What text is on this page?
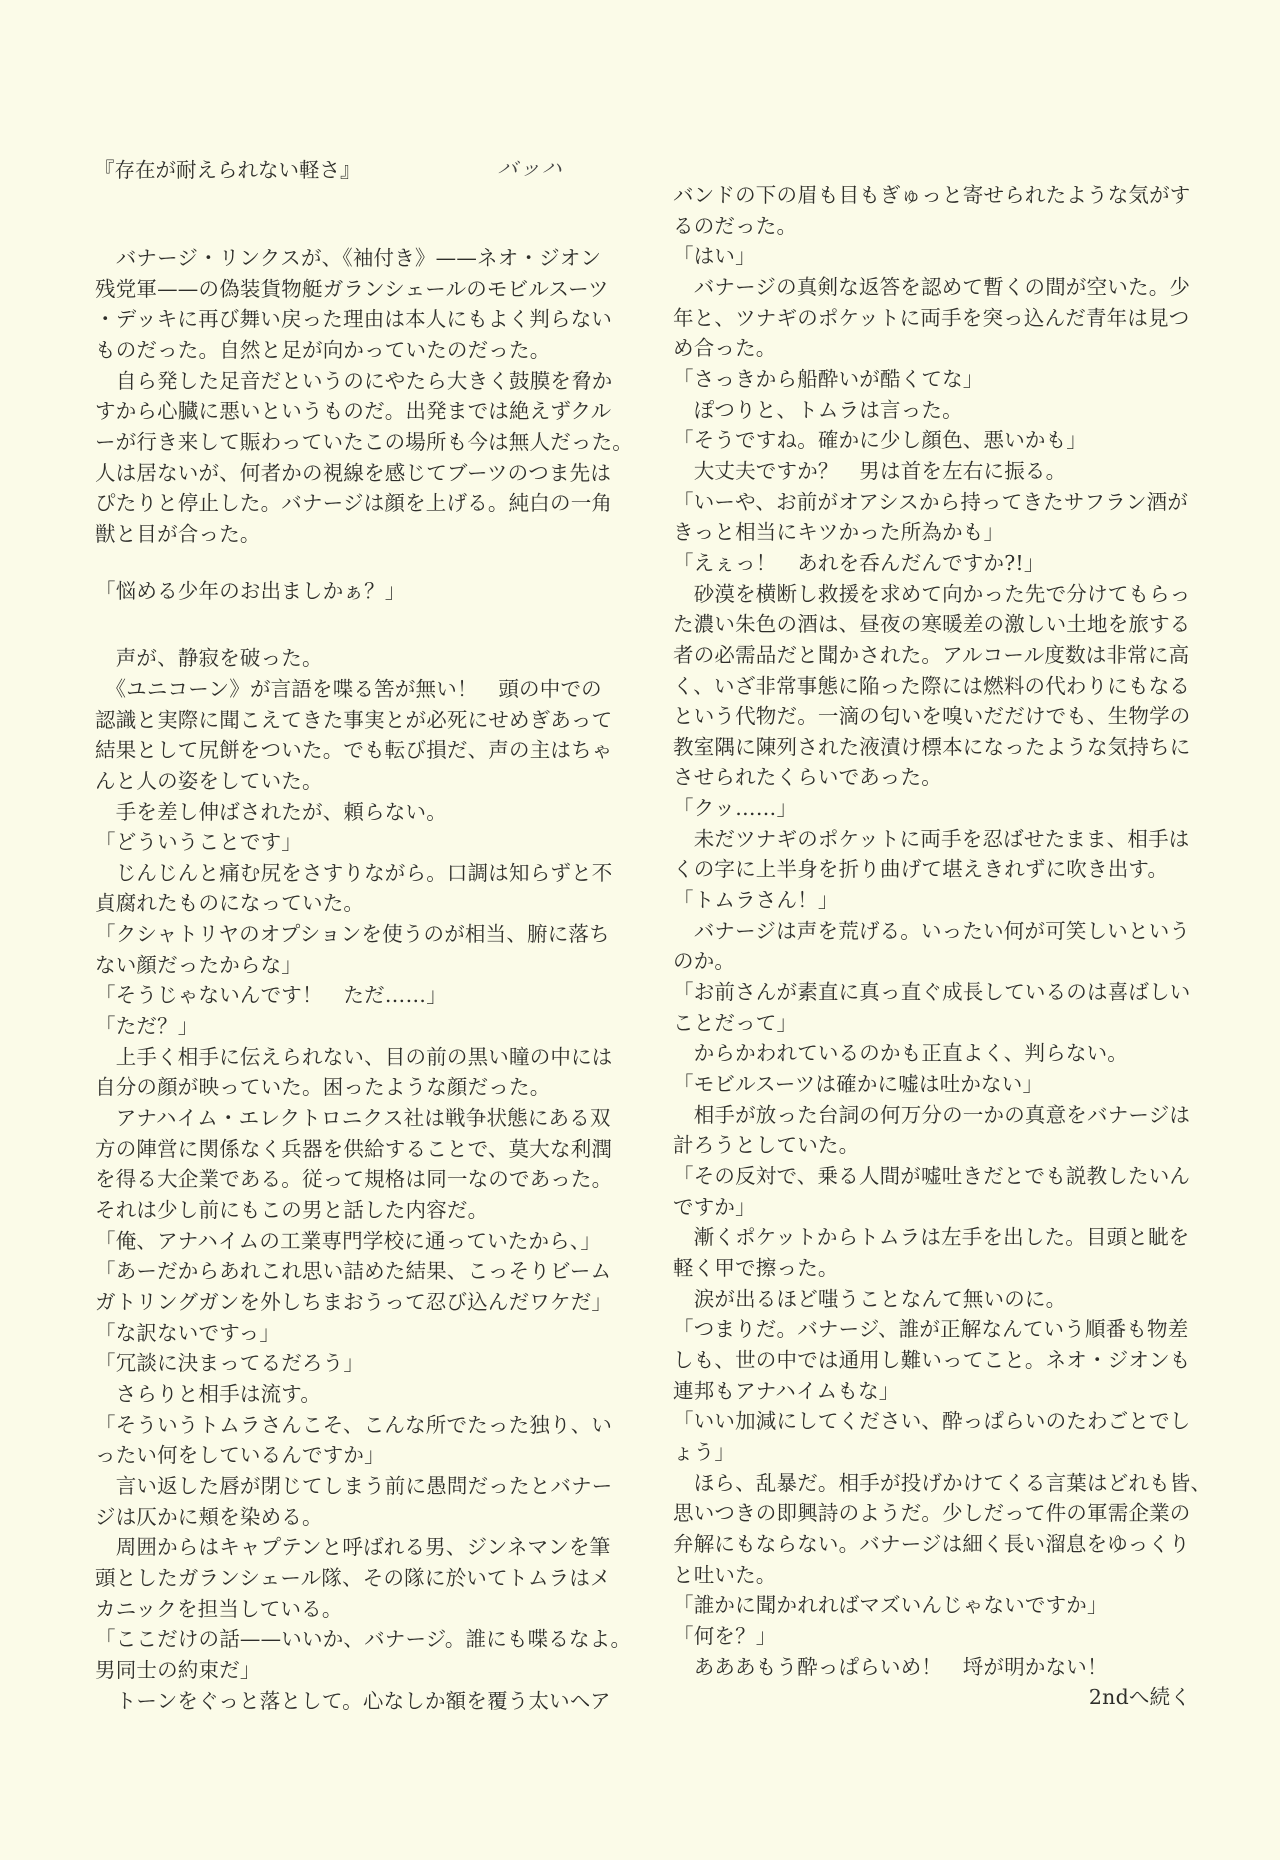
『存在が耐えられない軽さ』	バッハ
　バナージ・リンクスが、《袖付き》——ネオ・ジオン
残党軍——の偽装貨物艇ガランシェールのモビルスーツ
・デッキに再び舞い戻った理由は本人にもよく判らない
ものだった。自然と足が向かっていたのだった。
　自ら発した足音だというのにやたら大きく鼓膜を脅か
すから心臓に悪いというものだ。出発までは絶えずクル
ーが行き来して賑わっていたこの場所も今は無人だった。
人は居ないが、何者かの視線を感じてブーツのつま先は
ぴたりと停止した。バナージは顔を上げる。純白の一角
獣と目が合った。
「悩める少年のお出ましかぁ？」
　声が、静寂を破った。
　《ユニコーン》が言語を喋る筈が無い！　頭の中での
認識と実際に聞こえてきた事実とが必死にせめぎあって
結果として尻餅をついた。でも転び損だ、声の主はちゃ
んと人の姿をしていた。
　手を差し伸ばされたが、頼らない。
「どういうことです」
　じんじんと痛む尻をさすりながら。口調は知らずと不
貞腐れたものになっていた。
「クシャトリヤのオプションを使うのが相当、腑に落ち
ない顔だったからな」
「そうじゃないんです！　ただ……」
「ただ？」
　上手く相手に伝えられない、目の前の黒い瞳の中には
自分の顔が映っていた。困ったような顔だった。
　アナハイム・エレクトロニクス社は戦争状態にある双
方の陣営に関係なく兵器を供給することで、莫大な利潤
を得る大企業である。従って規格は同一なのであった。
それは少し前にもこの男と話した内容だ。
「俺、アナハイムの工業専門学校に通っていたから、」
「あーだからあれこれ思い詰めた結果、こっそりビーム
ガトリングガンを外しちまおうって忍び込んだワケだ」
「な訳ないですっ」
「冗談に決まってるだろう」
　さらりと相手は流す。
「そういうトムラさんこそ、こんな所でたった独り、い
ったい何をしているんですか」
　言い返した唇が閉じてしまう前に愚問だったとバナー
ジは仄かに頬を染める。
　周囲からはキャプテンと呼ばれる男、ジンネマンを筆
頭としたガランシェール隊、その隊に於いてトムラはメ
カニックを担当している。
「ここだけの話——いいか、バナージ。誰にも喋るなよ。
男同士の約束だ」
　トーンをぐっと落として。心なしか額を覆う太いヘア
バンドの下の眉も目もぎゅっと寄せられたような気がす
るのだった。
「はい」
　バナージの真剣な返答を認めて暫くの間が空いた。少
年と、ツナギのポケットに両手を突っ込んだ青年は見つ
め合った。
「さっきから船酔いが酷くてな」
　ぽつりと、トムラは言った。
「そうですね。確かに少し顔色、悪いかも」
　大丈夫ですか？　男は首を左右に振る。
「いーや、お前がオアシスから持ってきたサフラン酒が
きっと相当にキツかった所為かも」
「えぇっ！　あれを呑んだんですか?!」
　砂漠を横断し救援を求めて向かった先で分けてもらっ
た濃い朱色の酒は、昼夜の寒暖差の激しい土地を旅する
者の必需品だと聞かされた。アルコール度数は非常に高
く、いざ非常事態に陥った際には燃料の代わりにもなる
という代物だ。一滴の匂いを嗅いだだけでも、生物学の
教室隅に陳列された液漬け標本になったような気持ちに
させられたくらいであった。
「クッ……」
　未だツナギのポケットに両手を忍ばせたまま、相手は
くの字に上半身を折り曲げて堪えきれずに吹き出す。
「トムラさん！」
　バナージは声を荒げる。いったい何が可笑しいという
のか。
「お前さんが素直に真っ直ぐ成長しているのは喜ばしい
ことだって」
　からかわれているのかも正直よく、判らない。
「モビルスーツは確かに嘘は吐かない」
　相手が放った台詞の何万分の一かの真意をバナージは
計ろうとしていた。
「その反対で、乗る人間が嘘吐きだとでも説教したいん
ですか」
　漸くポケットからトムラは左手を出した。目頭と眦を
軽く甲で擦った。
　涙が出るほど嗤うことなんて無いのに。
「つまりだ。バナージ、誰が正解なんていう順番も物差
しも、世の中では通用し難いってこと。ネオ・ジオンも
連邦もアナハイムもな」
「いい加減にしてください、酔っぱらいのたわごとでし
ょう」
　ほら、乱暴だ。相手が投げかけてくる言葉はどれも皆、
思いつきの即興詩のようだ。少しだって件の軍需企業の
弁解にもならない。バナージは細く長い溜息をゆっくり
と吐いた。
「誰かに聞かれればマズいんじゃないですか」
「何を？」
　あああもう酔っぱらいめ！　埒が明かない！
2ndへ続く
